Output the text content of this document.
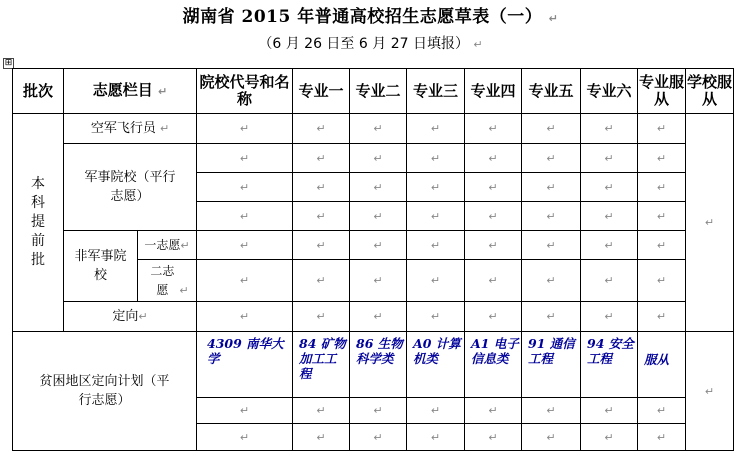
湖南省 2015 年普通高校招生志愿草表（一） ↵
（6 月 26 日至 6 月 27 日填报） ↵
⊞
批次	志愿栏目 ↵		院校代号和名称	专业一	专业二	专业三	专业四	专业五	专业六	专业服从	学校服从
本科提前批	空军飞行员 ↵		↵	↵	↵	↵	↵	↵	↵	↵	↵
	军事院校（平行志愿）		↵	↵	↵	↵	↵	↵	↵	↵	
			↵	↵	↵	↵	↵	↵	↵	↵	
			↵	↵	↵	↵	↵	↵	↵	↵	
	非军事院校	一志愿↵	↵	↵	↵	↵	↵	↵	↵	↵	
		二志愿 ↵	↵	↵	↵	↵	↵	↵	↵	↵	
	定向↵		↵	↵	↵	↵	↵	↵	↵	↵	
贫困地区定向计划（平行志愿）			4309 南华大学	84 矿物加工工程	86 生物科学类	A0 计算机类	A1 电子信息类	91 通信工程	94 安全工程	服从	↵
			↵	↵	↵	↵	↵	↵	↵	↵	
			↵	↵	↵	↵	↵	↵	↵	↵	
